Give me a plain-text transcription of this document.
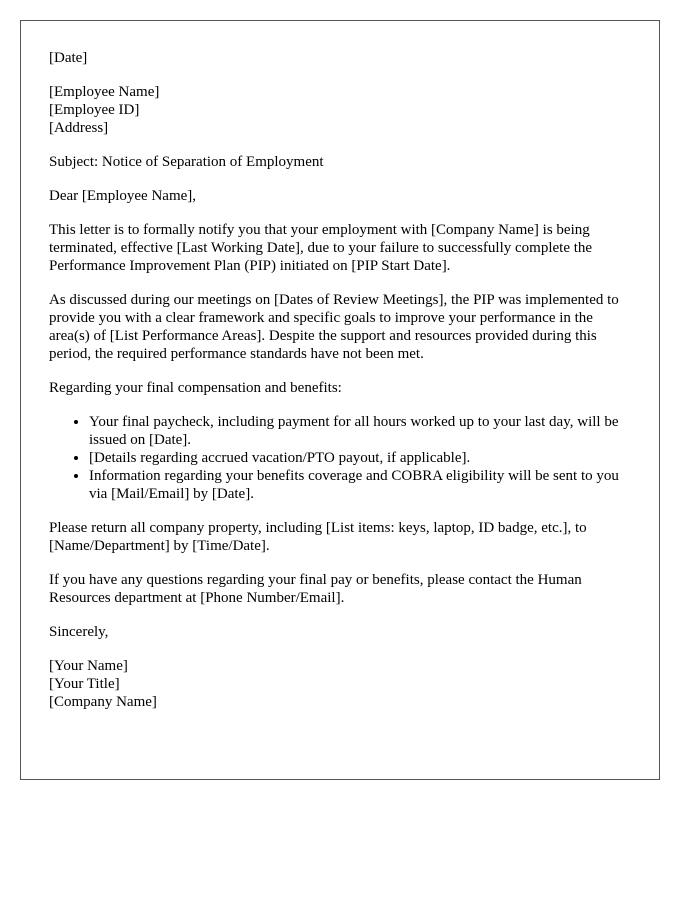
[Date]
[Employee Name]
[Employee ID]
[Address]

Subject: Notice of Separation of Employment

Dear [Employee Name],

This letter is to formally notify you that your employment with [Company Name] is being terminated, effective [Last Working Date], due to your failure to successfully complete the Performance Improvement Plan (PIP) initiated on [PIP Start Date].

As discussed during our meetings on [Dates of Review Meetings], the PIP was implemented to provide you with a clear framework and specific goals to improve your performance in the area(s) of [List Performance Areas]. Despite the support and resources provided during this period, the required performance standards have not been met.

Regarding your final compensation and benefits:

• Your final paycheck, including payment for all hours worked up to your last day, will be issued on [Date].
• [Details regarding accrued vacation/PTO payout, if applicable].
• Information regarding your benefits coverage and COBRA eligibility will be sent to you via [Mail/Email] by [Date].

Please return all company property, including [List items: keys, laptop, ID badge, etc.], to [Name/Department] by [Time/Date].

If you have any questions regarding your final pay or benefits, please contact the Human Resources department at [Phone Number/Email].

Sincerely,

[Your Name]
[Your Title]
[Company Name]
